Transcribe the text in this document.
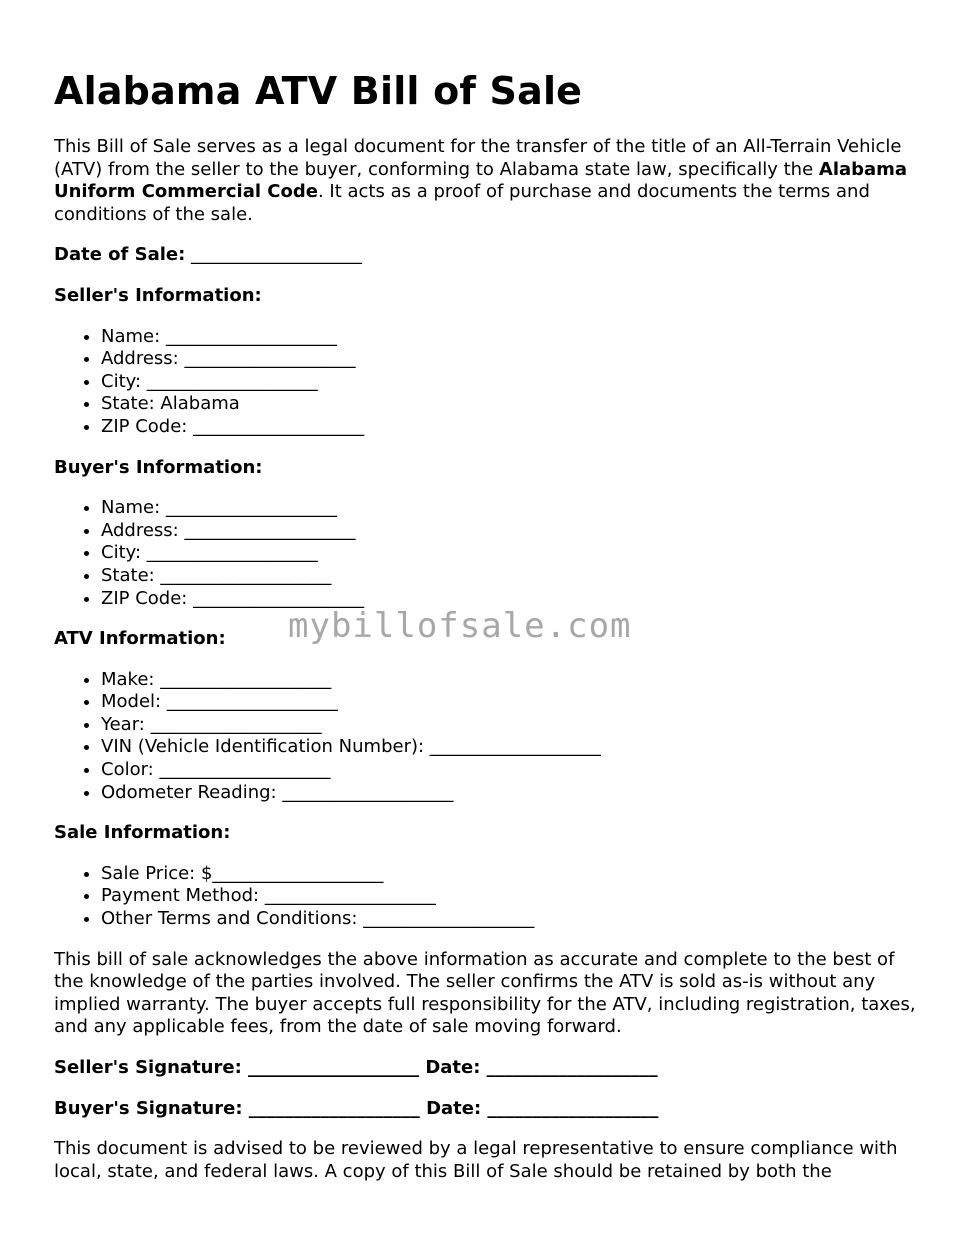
Alabama ATV Bill of Sale

This Bill of Sale serves as a legal document for the transfer of the title of an All-Terrain Vehicle (ATV) from the seller to the buyer, conforming to Alabama state law, specifically the Alabama Uniform Commercial Code. It acts as a proof of purchase and documents the terms and conditions of the sale.

Date of Sale: ___________________

Seller's Information:

• Name: ___________________
• Address: ___________________
• City: ___________________
• State: Alabama
• ZIP Code: ___________________

Buyer's Information:

• Name: ___________________
• Address: ___________________
• City: ___________________
• State: ___________________
• ZIP Code: ___________________

ATV Information:

• Make: ___________________
• Model: ___________________
• Year: ___________________
• VIN (Vehicle Identification Number): ___________________
• Color: ___________________
• Odometer Reading: ___________________

Sale Information:

• Sale Price: $___________________
• Payment Method: ___________________
• Other Terms and Conditions: ___________________

This bill of sale acknowledges the above information as accurate and complete to the best of the knowledge of the parties involved. The seller confirms the ATV is sold as-is without any implied warranty. The buyer accepts full responsibility for the ATV, including registration, taxes, and any applicable fees, from the date of sale moving forward.

Seller's Signature: ___________________ Date: ___________________

Buyer's Signature: ___________________ Date: ___________________

This document is advised to be reviewed by a legal representative to ensure compliance with local, state, and federal laws. A copy of this Bill of Sale should be retained by both the

mybillofsale.com
